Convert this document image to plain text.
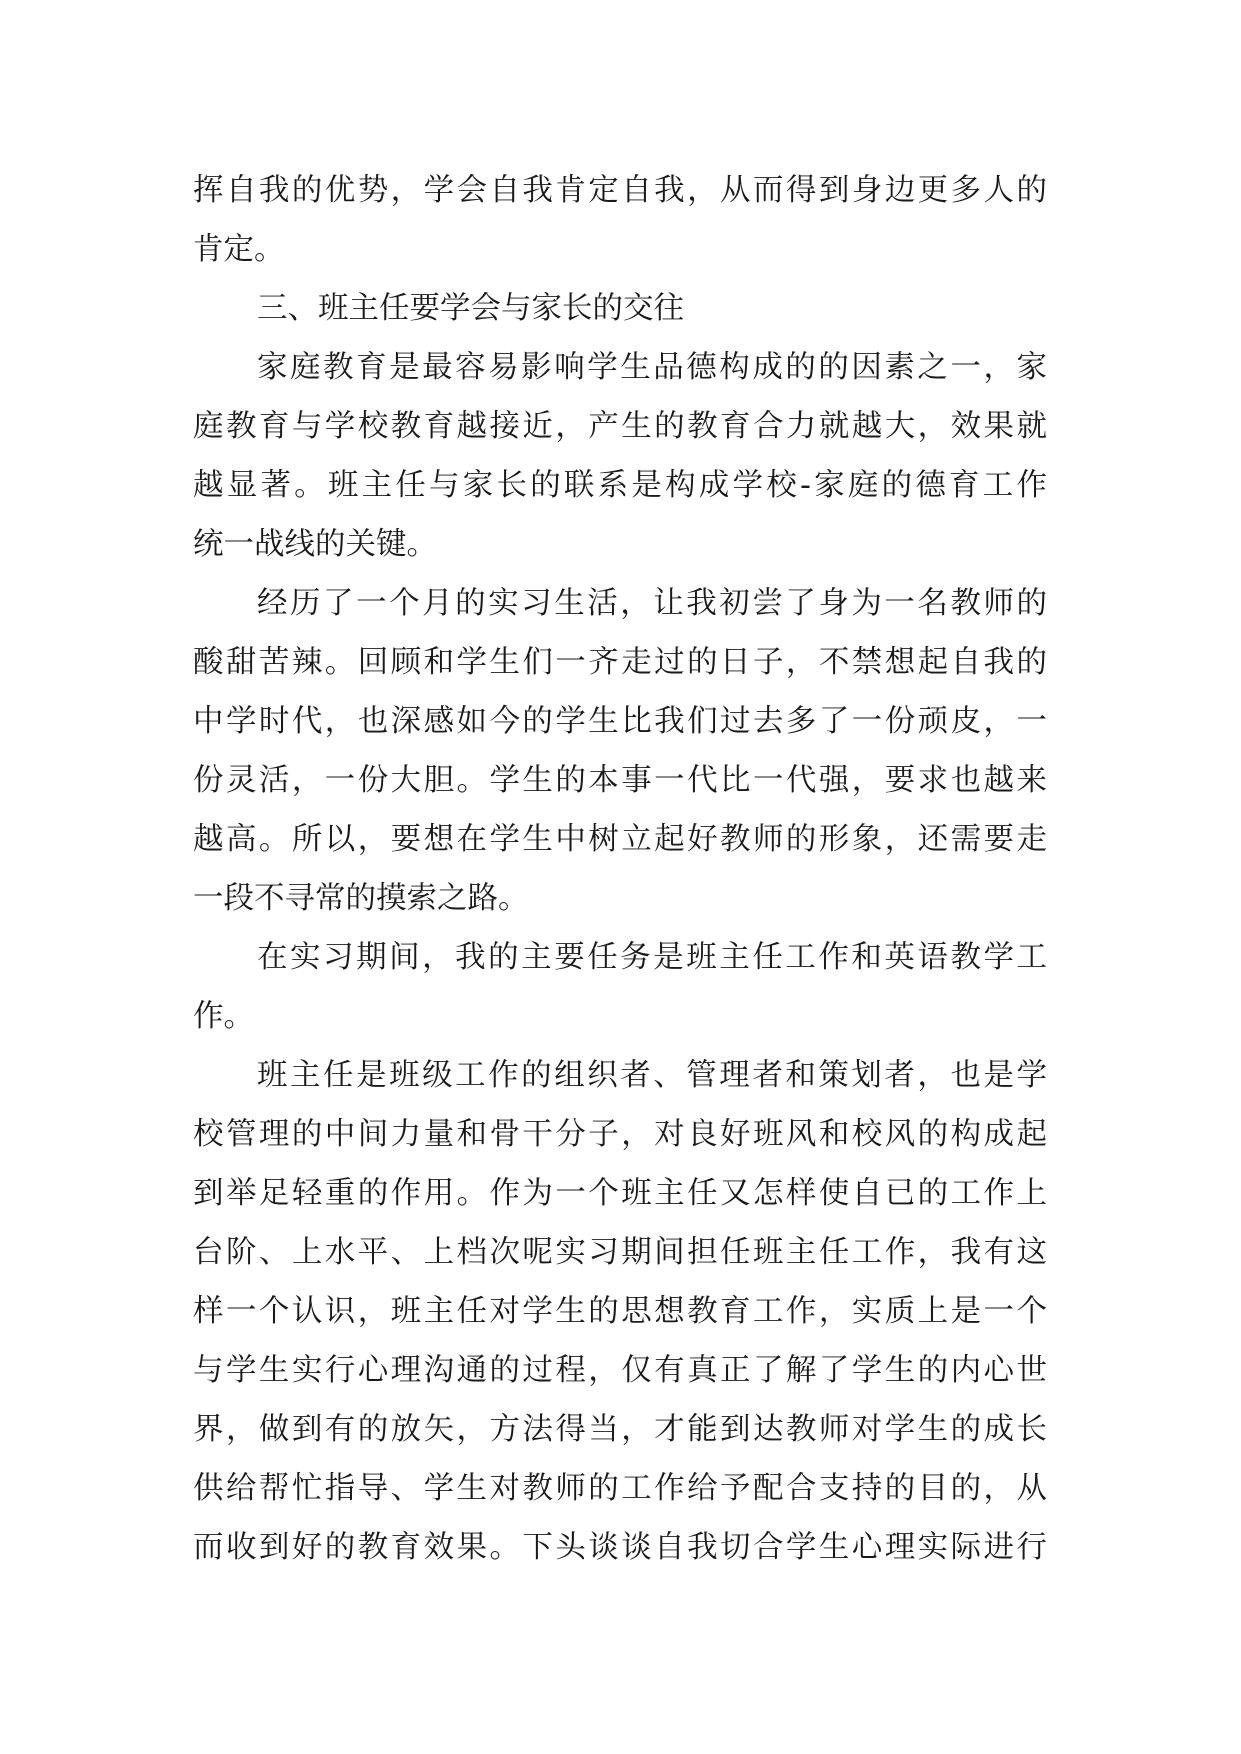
挥自我的优势，学会自我肯定自我，从而得到身边更多人的
肯定。
三、班主任要学会与家长的交往
家庭教育是最容易影响学生品德构成的的因素之一，家
庭教育与学校教育越接近，产生的教育合力就越大，效果就
越显著。班主任与家长的联系是构成学校-家庭的德育工作
统一战线的关键。
经历了一个月的实习生活，让我初尝了身为一名教师的
酸甜苦辣。回顾和学生们一齐走过的日子，不禁想起自我的
中学时代，也深感如今的学生比我们过去多了一份顽皮，一
份灵活，一份大胆。学生的本事一代比一代强，要求也越来
越高。所以，要想在学生中树立起好教师的形象，还需要走
一段不寻常的摸索之路。
在实习期间，我的主要任务是班主任工作和英语教学工
作。
班主任是班级工作的组织者、管理者和策划者，也是学
校管理的中间力量和骨干分子，对良好班风和校风的构成起
到举足轻重的作用。作为一个班主任又怎样使自已的工作上
台阶、上水平、上档次呢实习期间担任班主任工作，我有这
样一个认识，班主任对学生的思想教育工作，实质上是一个
与学生实行心理沟通的过程，仅有真正了解了学生的内心世
界，做到有的放矢，方法得当，才能到达教师对学生的成长
供给帮忙指导、学生对教师的工作给予配合支持的目的，从
而收到好的教育效果。下头谈谈自我切合学生心理实际进行
